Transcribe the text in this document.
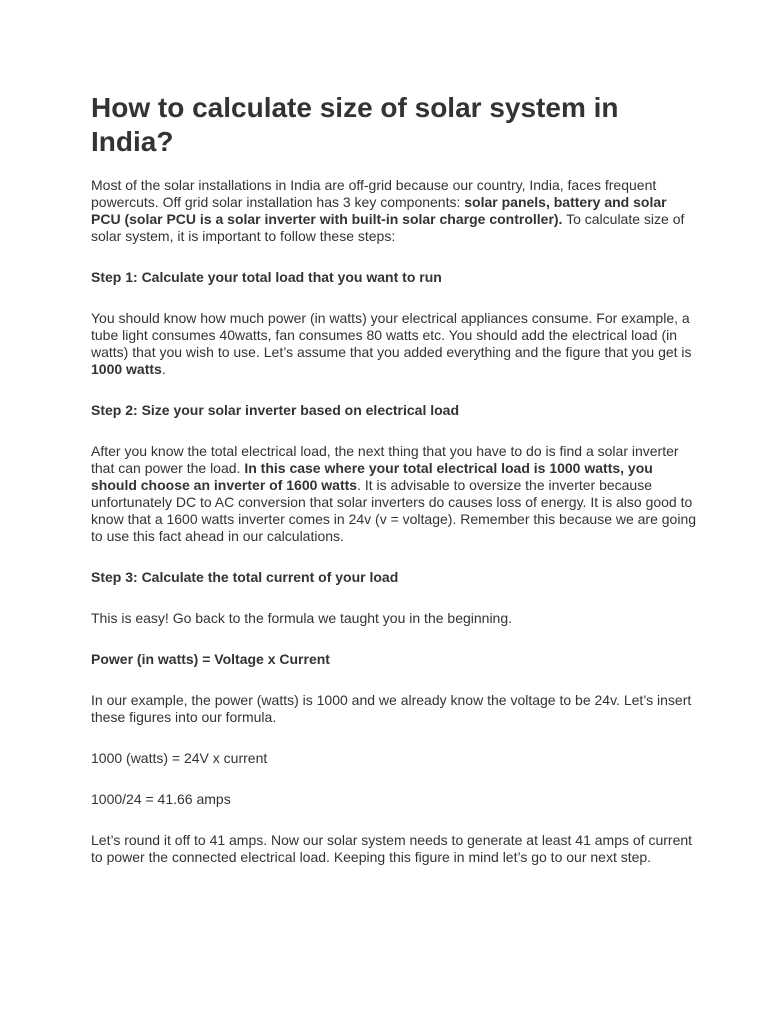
How to calculate size of solar system in India?

Most of the solar installations in India are off-grid because our country, India, faces frequent powercuts. Off grid solar installation has 3 key components: solar panels, battery and solar PCU (solar PCU is a solar inverter with built-in solar charge controller). To calculate size of solar system, it is important to follow these steps:

Step 1: Calculate your total load that you want to run

You should know how much power (in watts) your electrical appliances consume. For example, a tube light consumes 40watts, fan consumes 80 watts etc. You should add the electrical load (in watts) that you wish to use. Let’s assume that you added everything and the figure that you get is 1000 watts.

Step 2: Size your solar inverter based on electrical load

After you know the total electrical load, the next thing that you have to do is find a solar inverter that can power the load. In this case where your total electrical load is 1000 watts, you should choose an inverter of 1600 watts. It is advisable to oversize the inverter because unfortunately DC to AC conversion that solar inverters do causes loss of energy. It is also good to know that a 1600 watts inverter comes in 24v (v = voltage). Remember this because we are going to use this fact ahead in our calculations.

Step 3: Calculate the total current of your load

This is easy! Go back to the formula we taught you in the beginning.

Power (in watts) = Voltage x Current

In our example, the power (watts) is 1000 and we already know the voltage to be 24v. Let’s insert these figures into our formula.

1000 (watts) = 24V x current

1000/24 = 41.66 amps

Let’s round it off to 41 amps. Now our solar system needs to generate at least 41 amps of current to power the connected electrical load. Keeping this figure in mind let’s go to our next step.
